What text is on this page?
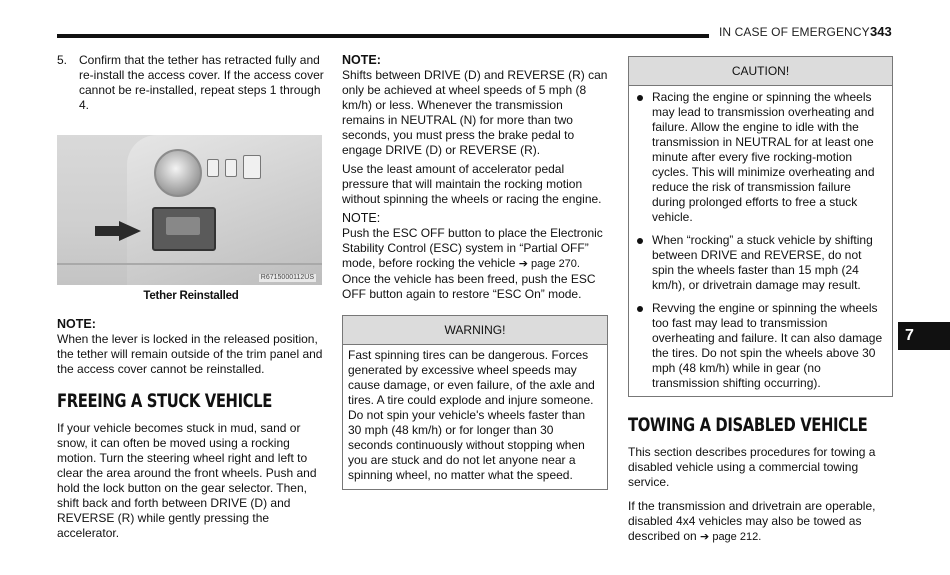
IN CASE OF EMERGENCY 343
7
5. Confirm that the tether has retracted fully and re-install the access cover. If the access cover cannot be re-installed, repeat steps 1 through 4.

R6715000112US

Tether Reinstalled

NOTE:

When the lever is locked in the released position, the tether will remain outside of the trim panel and the access cover cannot be reinstalled.

FREEING A STUCK VEHICLE

If your vehicle becomes stuck in mud, sand or snow, it can often be moved using a rocking motion. Turn the steering wheel right and left to clear the area around the front wheels. Push and hold the lock button on the gear selector. Then, shift back and forth between DRIVE (D) and REVERSE (R) while gently pressing the accelerator.

NOTE:

Shifts between DRIVE (D) and REVERSE (R) can only be achieved at wheel speeds of 5 mph (8 km/h) or less. Whenever the transmission remains in NEUTRAL (N) for more than two seconds, you must press the brake pedal to engage DRIVE (D) or REVERSE (R).

Use the least amount of accelerator pedal pressure that will maintain the rocking motion without spinning the wheels or racing the engine.

NOTE:

Push the ESC OFF button to place the Electronic Stability Control (ESC) system in “Partial OFF” mode, before rocking the vehicle ➔ page 270. Once the vehicle has been freed, push the ESC OFF button again to restore “ESC On” mode.

WARNING!

Fast spinning tires can be dangerous. Forces generated by excessive wheel speeds may cause damage, or even failure, of the axle and tires. A tire could explode and injure someone. Do not spin your vehicle's wheels faster than 30 mph (48 km/h) or for longer than 30 seconds continuously without stopping when you are stuck and do not let anyone near a spinning wheel, no matter what the speed.

CAUTION!

Racing the engine or spinning the wheels may lead to transmission overheating and failure. Allow the engine to idle with the transmission in NEUTRAL for at least one minute after every five rocking-motion cycles. This will minimize overheating and reduce the risk of transmission failure during prolonged efforts to free a stuck vehicle.

When “rocking” a stuck vehicle by shifting between DRIVE and REVERSE, do not spin the wheels faster than 15 mph (24 km/h), or drivetrain damage may result.

Revving the engine or spinning the wheels too fast may lead to transmission overheating and failure. It can also damage the tires. Do not spin the wheels above 30 mph (48 km/h) while in gear (no transmission shifting occurring).

TOWING A DISABLED VEHICLE

This section describes procedures for towing a disabled vehicle using a commercial towing service.

If the transmission and drivetrain are operable, disabled 4x4 vehicles may also be towed as described on ➔ page 212.
